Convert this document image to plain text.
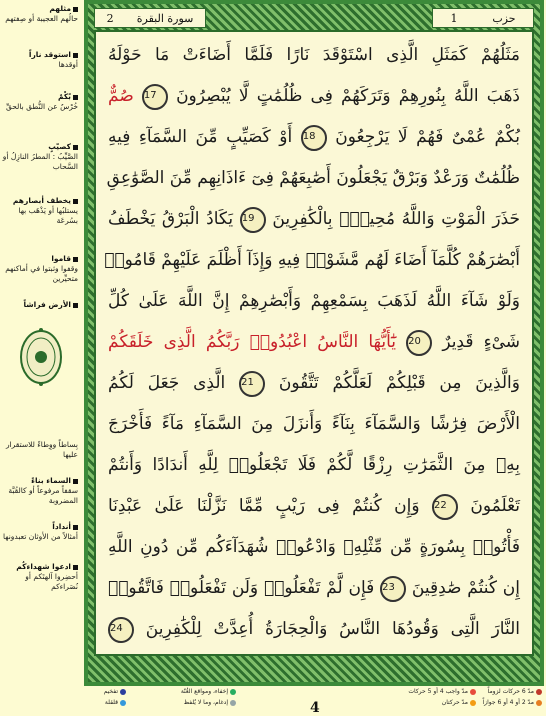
مثلهم
حالُهم العجيبة أو صِفتهم
استوقد ناراً
أوقدها
بُكْمٌ
خُرْسٌ عن النُّطق بالحقِّ
كصيّبٍ
الصَّيِّبُ : المطرُ النازِلُ أو السَّحاب
يخطف أبصارهم
يستلبُها أو يَذْهَب بها بسُرعَة
قاموا
وقفوا وثبتوا في أماكنهم متحيِّرين
الأرض فراشاً
بِساطاً ووِطاءً للاستقرار عليها
السماء بناءً
سقفاً مرفوعاً أو كالقُبَّة المضروبة
أنداداً
أمثالاً من الأوثان تعبدونها
ادعوا شهداءكُم
أحضِروا آلهتَكم أو نُصَراءكم
2 سورة البقرة	1	حزب
مَثَلُهُمْ كَمَثَلِ الَّذِى اسْتَوْقَدَ نَارًا فَلَمَّا أَضَاءَتْ مَا حَوْلَهُ
ذَهَبَ اللَّهُ بِنُورِهِمْ وَتَرَكَهُمْ فِى ظُلُمَٰتٍ لَّا يُبْصِرُونَ 17 صُمٌّ
بُكْمٌ عُمْىٌ فَهُمْ لَا يَرْجِعُونَ 18 أَوْ كَصَيِّبٍ مِّنَ السَّمَآءِ فِيهِ
ظُلُمَٰتٌ وَرَعْدٌ وَبَرْقٌ يَجْعَلُونَ أَصَٰبِعَهُمْ فِىٓ ءَاذَانِهِم مِّنَ الصَّوَٰعِقِ
حَذَرَ الْمَوْتِ وَاللَّهُ مُحِيطٌۢ بِالْكَٰفِرِينَ 19 يَكَادُ الْبَرْقُ يَخْطَفُ
أَبْصَٰرَهُمْ كُلَّمَآ أَضَاءَ لَهُم مَّشَوْا۟ فِيهِ وَإِذَآ أَظْلَمَ عَلَيْهِمْ قَامُوا۟
وَلَوْ شَآءَ اللَّهُ لَذَهَبَ بِسَمْعِهِمْ وَأَبْصَٰرِهِمْ إِنَّ اللَّهَ عَلَىٰ كُلِّ
شَىْءٍ قَدِيرٌ 20 يَٰٓأَيُّهَا النَّاسُ اعْبُدُوا۟ رَبَّكُمُ الَّذِى خَلَقَكُمْ
وَالَّذِينَ مِن قَبْلِكُمْ لَعَلَّكُمْ تَتَّقُونَ 21 الَّذِى جَعَلَ لَكُمُ
الْأَرْضَ فِرَٰشًا وَالسَّمَآءَ بِنَآءً وَأَنزَلَ مِنَ السَّمَآءِ مَآءً فَأَخْرَجَ
بِهِۦ مِنَ الثَّمَرَٰتِ رِزْقًا لَّكُمْ فَلَا تَجْعَلُوا۟ لِلَّهِ أَندَادًا وَأَنتُمْ
تَعْلَمُونَ 22 وَإِن كُنتُمْ فِى رَيْبٍ مِّمَّا نَزَّلْنَا عَلَىٰ عَبْدِنَا
فَأْتُوا۟ بِسُورَةٍ مِّن مِّثْلِهِۦ وَادْعُوا۟ شُهَدَآءَكُم مِّن دُونِ اللَّهِ
إِن كُنتُمْ صَٰدِقِينَ 23 فَإِن لَّمْ تَفْعَلُوا۟ وَلَن تَفْعَلُوا۟ فَاتَّقُوا۟
النَّارَ الَّتِى وَقُودُهَا النَّاسُ وَالْحِجَارَةُ أُعِدَّتْ لِلْكَٰفِرِينَ 24
مدّ 6 حركات لزوماً
مدّ واجب 4 أو 5 حركات
مدّ 2 أو 4 أو 6 جوازاً
مدّ حركتان
إخفاء، ومواقع الغُنّة
إدغام، وما لا يُلفظ
تفخيم
قلقلة	4
